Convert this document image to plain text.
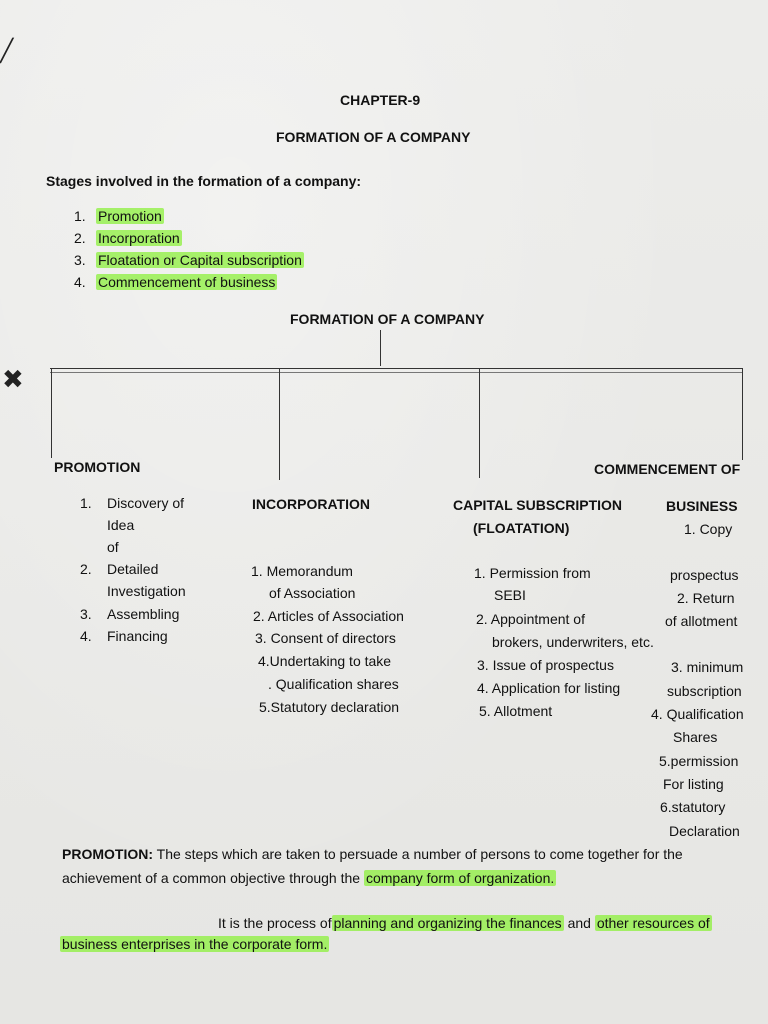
╱
✖
CHAPTER-9
FORMATION OF A COMPANY
Stages involved in the formation of a company:
1. Promotion
2. Incorporation
3. Floatation or Capital subscription
4. Commencement of business
FORMATION OF A COMPANY
PROMOTION
1. Discovery of
Idea
of
2. Detailed
Investigation
3. Assembling
4. Financing
INCORPORATION
1. Memorandum
of Association
2. Articles of Association
3. Consent of directors
4.Undertaking to take
. Qualification shares
5.Statutory declaration
CAPITAL SUBSCRIPTION
(FLOATATION)
1. Permission from
SEBI
2. Appointment of
brokers, underwriters, etc.
3. Issue of prospectus
4. Application for listing
5. Allotment
COMMENCEMENT OF
BUSINESS
1. Copy
prospectus
2. Return
of allotment
3. minimum
subscription
4. Qualification
Shares
5.permission
For listing
6.statutory
Declaration
PROMOTION: The steps which are taken to persuade a number of persons to come together for the
achievement of a common objective through the company form of organization.
It is the process of planning and organizing the finances and other resources of
business enterprises in the corporate form.
